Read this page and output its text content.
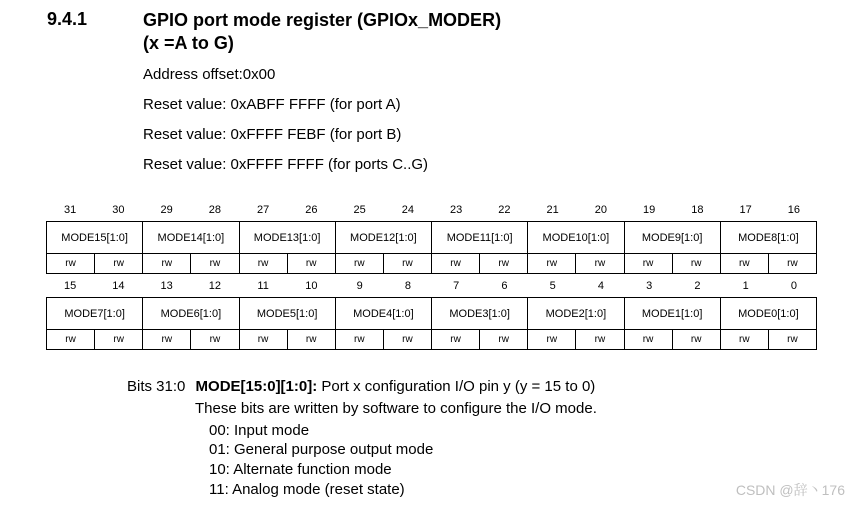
9.4.1	GPIO port mode register (GPIOx_MODER)
(x =A to G)
Address offset:0x00
Reset value: 0xABFF FFFF (for port A)
Reset value: 0xFFFF FEBF (for port B)
Reset value: 0xFFFF FFFF (for ports C..G)
31	30	29	28	27	26	25	24	23	22	21	20	19	18	17	16
MODE15[1:0]	MODE14[1:0]	MODE13[1:0]	MODE12[1:0]	MODE11[1:0]	MODE10[1:0]	MODE9[1:0]	MODE8[1:0]
rw	rw	rw	rw	rw	rw	rw	rw	rw	rw	rw	rw	rw	rw	rw	rw
15	14	13	12	11	10	9	8	7	6	5	4	3	2	1	0
MODE7[1:0]	MODE6[1:0]	MODE5[1:0]	MODE4[1:0]	MODE3[1:0]	MODE2[1:0]	MODE1[1:0]	MODE0[1:0]
rw	rw	rw	rw	rw	rw	rw	rw	rw	rw	rw	rw	rw	rw	rw	rw
Bits 31:0 MODE[15:0][1:0]: Port x configuration I/O pin y (y = 15 to 0)
These bits are written by software to configure the I/O mode.
00: Input mode
01: General purpose output mode
10: Alternate function mode
11: Analog mode (reset state)	CSDN @辞丶176
